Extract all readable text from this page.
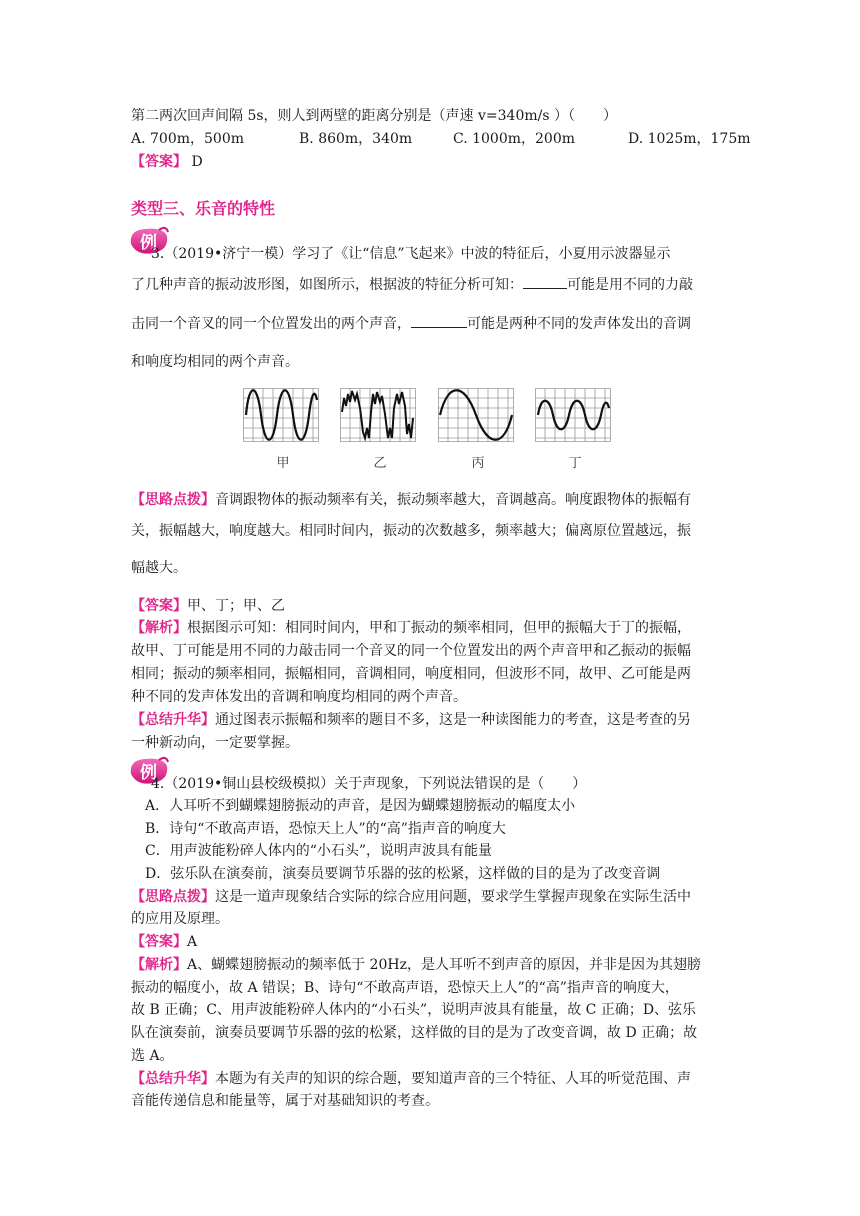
第二两次回声间隔 5s，则人到两壁的距离分别是（声速 v=340m/s ）（　　）
A. 700m，500m	B. 860m，340m	C. 1000m，200m	D. 1025m，175m
【答案】 D
类型三、乐音的特性
例
3.（2019•济宁一模）学习了《让“信息”飞起来》中波的特征后，小夏用示波器显示
了几种声音的振动波形图，如图所示，根据波的特征分析可知：	可能是用不同的力敲
击同一个音叉的同一个位置发出的两个声音，	可能是两种不同的发声体发出的音调
和响度均相同的两个声音。
甲	乙	丙	丁
【思路点拨】音调跟物体的振动频率有关，振动频率越大，音调越高。响度跟物体的振幅有
关，振幅越大，响度越大。相同时间内，振动的次数越多，频率越大；偏离原位置越远，振
幅越大。
【答案】甲、丁；甲、乙
【解析】根据图示可知：相同时间内，甲和丁振动的频率相同，但甲的振幅大于丁的振幅，
故甲、丁可能是用不同的力敲击同一个音叉的同一个位置发出的两个声音甲和乙振动的振幅
相同；振动的频率相同，振幅相同，音调相同，响度相同，但波形不同，故甲、乙可能是两
种不同的发声体发出的音调和响度均相同的两个声音。
【总结升华】通过图表示振幅和频率的题目不多，这是一种读图能力的考查，这是考查的另
一种新动向，一定要掌握。
例
4.（2019•铜山县校级模拟）关于声现象，下列说法错误的是（　　）
A．人耳听不到蝴蝶翅膀振动的声音，是因为蝴蝶翅膀振动的幅度太小
B．诗句“不敢高声语，恐惊天上人”的“高”指声音的响度大
C．用声波能粉碎人体内的“小石头”，说明声波具有能量
D．弦乐队在演奏前，演奏员要调节乐器的弦的松紧，这样做的目的是为了改变音调
【思路点拨】这是一道声现象结合实际的综合应用问题，要求学生掌握声现象在实际生活中
的应用及原理。
【答案】A
【解析】A、蝴蝶翅膀振动的频率低于 20Hz，是人耳听不到声音的原因，并非是因为其翅膀
振动的幅度小，故 A 错误；B、诗句“不敢高声语，恐惊天上人”的“高”指声音的响度大，
故 B 正确；C、用声波能粉碎人体内的“小石头”，说明声波具有能量，故 C 正确；D、弦乐
队在演奏前，演奏员要调节乐器的弦的松紧，这样做的目的是为了改变音调，故 D 正确；故
选 A。
【总结升华】本题为有关声的知识的综合题，要知道声音的三个特征、人耳的听觉范围、声
音能传递信息和能量等，属于对基础知识的考查。
